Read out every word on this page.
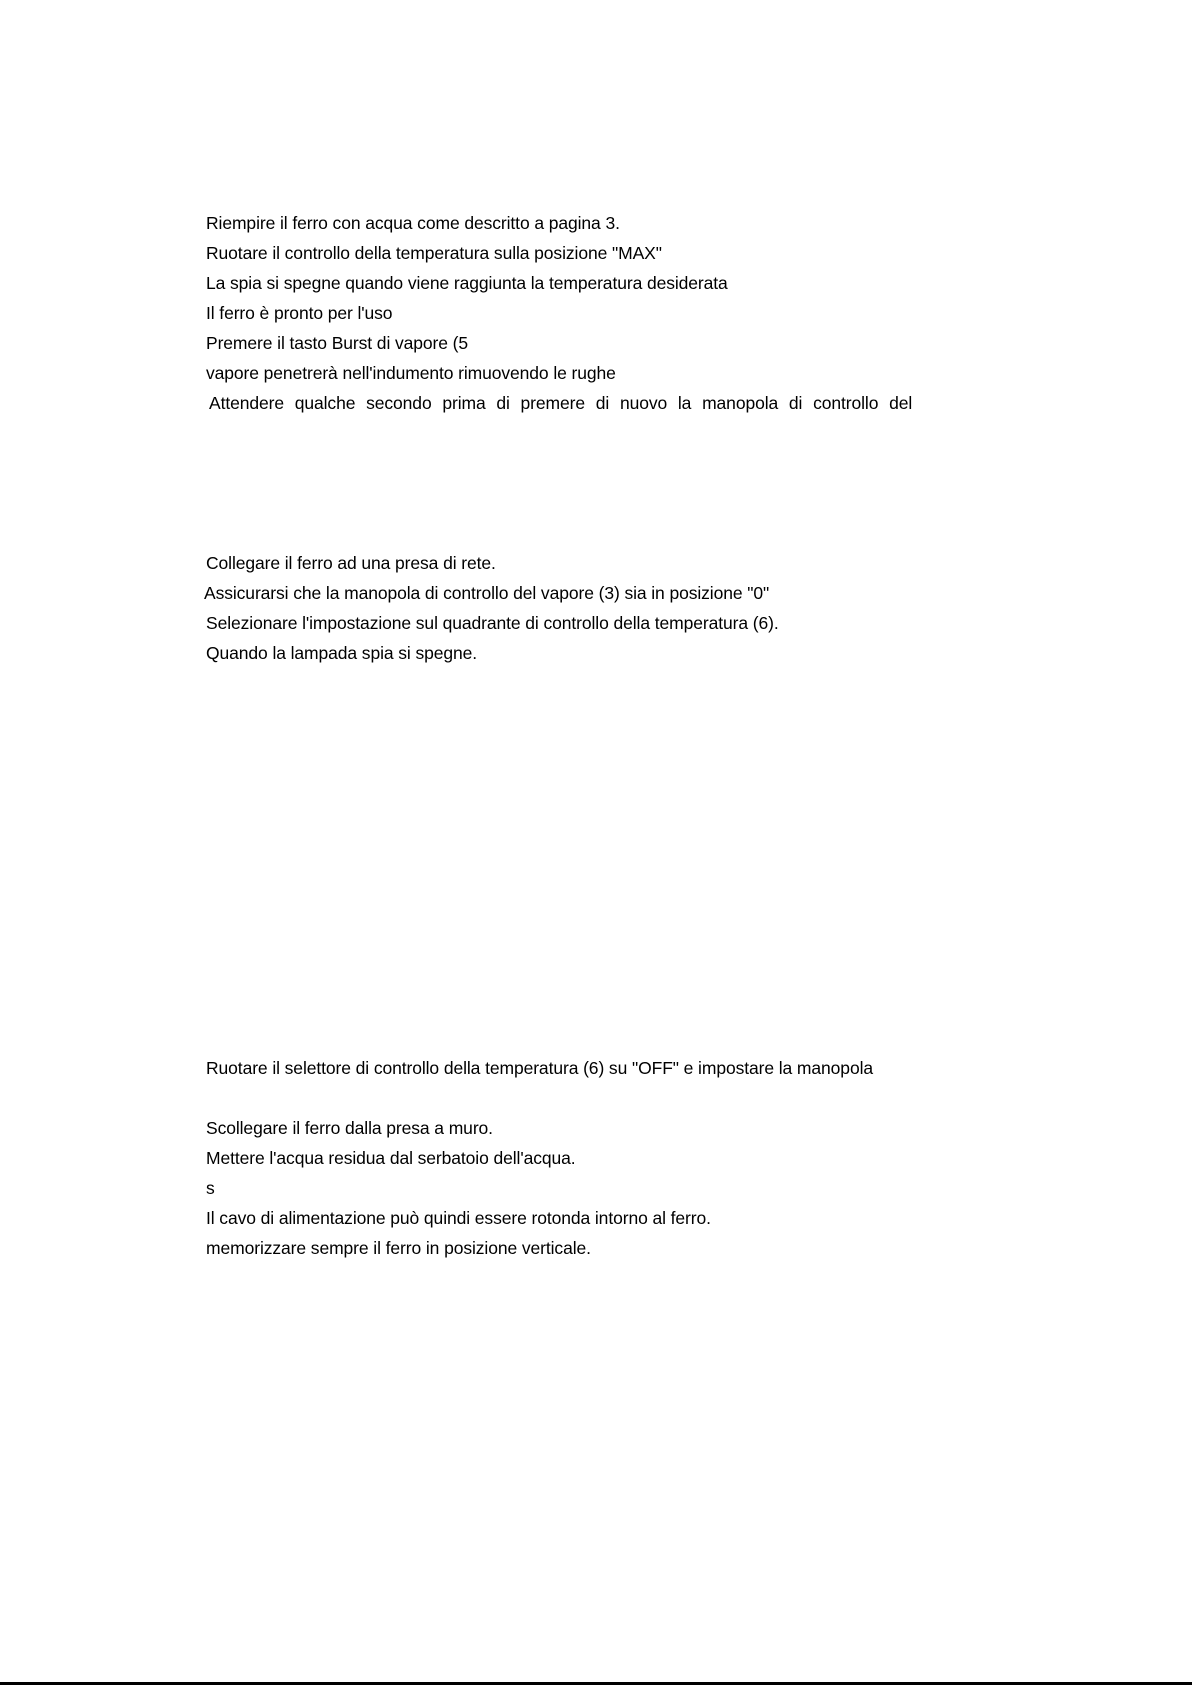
Riempire il ferro con acqua come descritto a pagina 3.
Ruotare il controllo della temperatura sulla posizione "MAX"
La spia si spegne quando viene raggiunta la temperatura desiderata
Il ferro è pronto per l'uso
Premere il tasto Burst di vapore (5
vapore penetrerà nell'indumento rimuovendo le rughe
Attendere qualche secondo prima di premere di nuovo la manopola di controllo del
Collegare il ferro ad una presa di rete.
Assicurarsi che la manopola di controllo del vapore (3) sia in posizione "0"
Selezionare l'impostazione sul quadrante di controllo della temperatura (6).
Quando la lampada spia si spegne.
Ruotare il selettore di controllo della temperatura (6) su "OFF" e impostare la manopola
Scollegare il ferro dalla presa a muro.
Mettere l'acqua residua dal serbatoio dell'acqua.
s
Il cavo di alimentazione può quindi essere rotonda intorno al ferro.
memorizzare sempre il ferro in posizione verticale.
